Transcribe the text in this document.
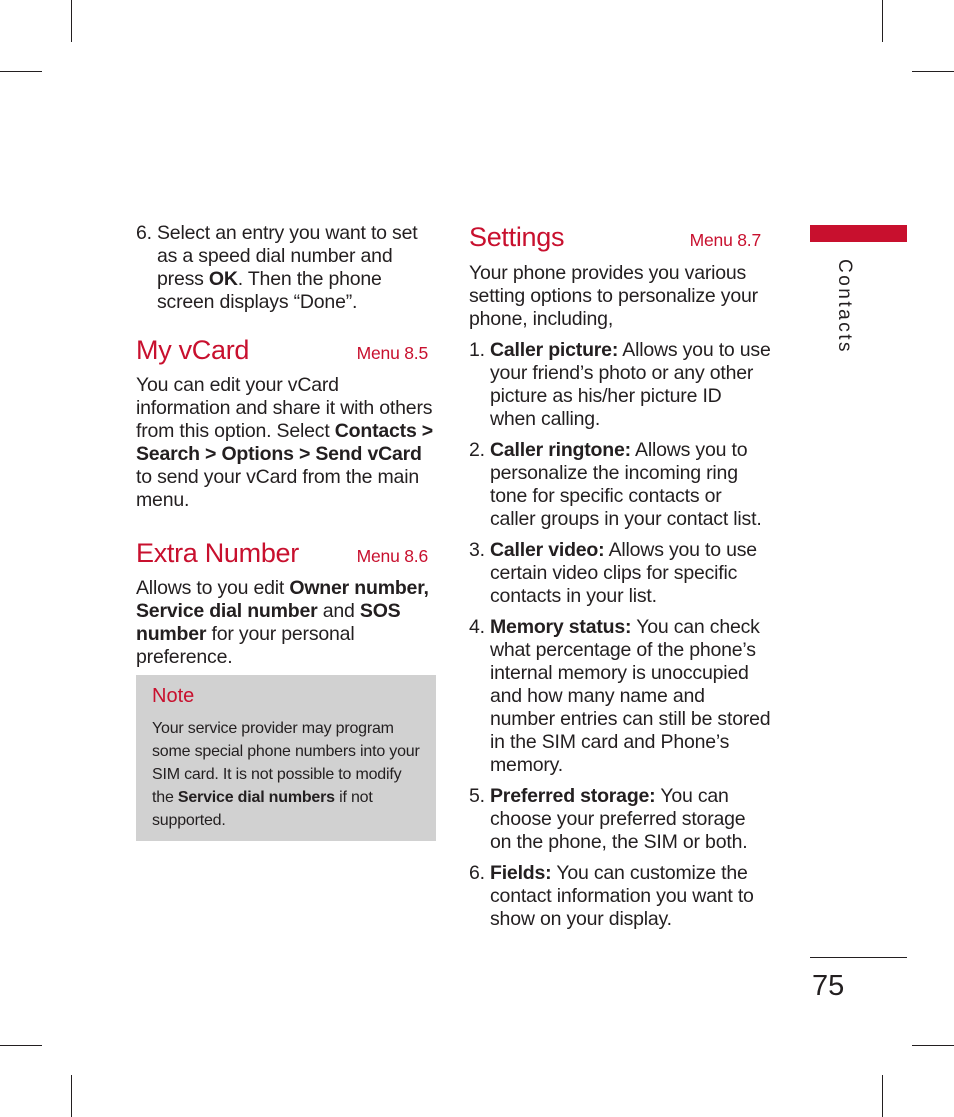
6. Select an entry you want to set as a speed dial number and press OK. Then the phone screen displays “Done”.
My vCard	Menu 8.5

You can edit your vCard information and share it with others from this option. Select Contacts > Search > Options > Send vCard to send your vCard from the main menu.

Extra Number	Menu 8.6

Allows to you edit Owner number, Service dial number and SOS number for your personal preference.

Note
Your service provider may program some special phone numbers into your SIM card. It is not possible to modify the Service dial numbers if not supported.
Settings	Menu 8.7

Your phone provides you various setting options to personalize your phone, including,

1. Caller picture: Allows you to use your friend’s photo or any other picture as his/her picture ID when calling.
2. Caller ringtone: Allows you to personalize the incoming ring tone for specific contacts or caller groups in your contact list.
3. Caller video: Allows you to use certain video clips for specific contacts in your list.
4. Memory status: You can check what percentage of the phone’s internal memory is unoccupied and how many name and number entries can still be stored in the SIM card and Phone’s memory.
5. Preferred storage: You can choose your preferred storage on the phone, the SIM or both.
6. Fields: You can customize the contact information you want to show on your display.
Contacts
75
